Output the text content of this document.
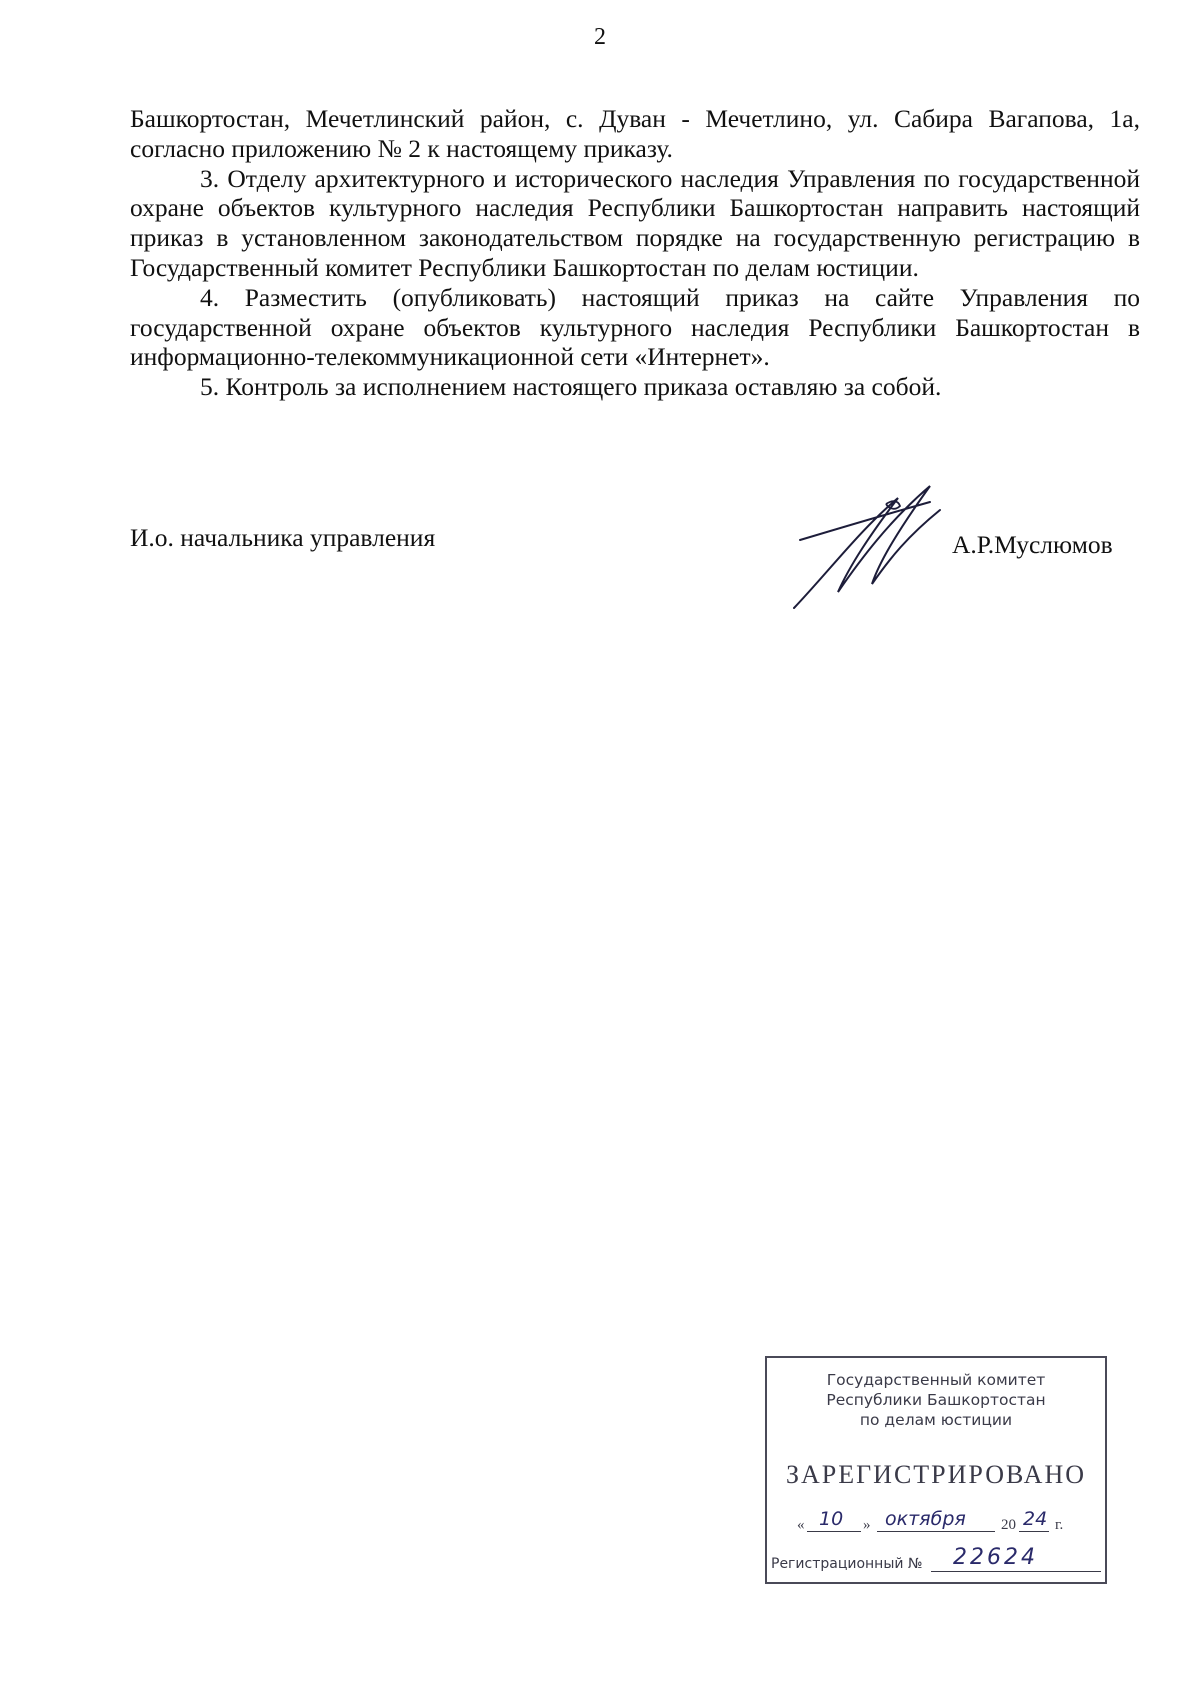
2

Башкортостан, Мечетлинский район, с. Дуван - Мечетлино, ул. Сабира Вагапова, 1а, согласно приложению № 2 к настоящему приказу.

3. Отделу архитектурного и исторического наследия Управления по государственной охране объектов культурного наследия Республики Башкортостан направить настоящий приказ в установленном законодательством порядке на государственную регистрацию в Государственный комитет Республики Башкортостан по делам юстиции.

4. Разместить (опубликовать) настоящий приказ на сайте Управления по государственной охране объектов культурного наследия Республики Башкортостан в информационно-телекоммуникационной сети «Интернет».

5. Контроль за исполнением настоящего приказа оставляю за собой.

И.о. начальника управления	А.Р.Муслюмов
Государственный комитет
Республики Башкортостан
по делам юстиции
ЗАРЕГИСТРИРОВАНО
« 10 » октября 20 24 г.
Регистрационный № 22624
